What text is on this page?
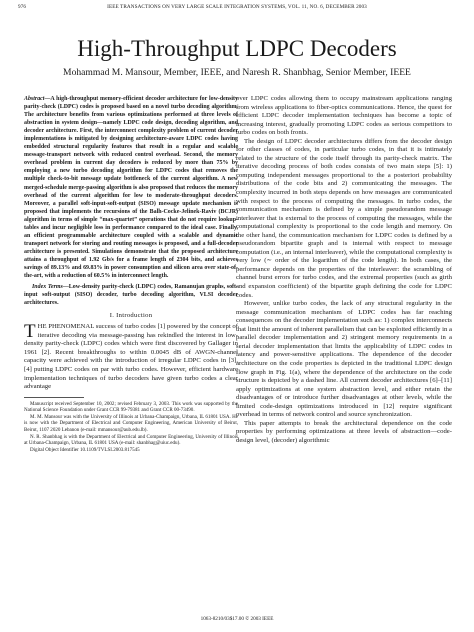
976	IEEE TRANSACTIONS ON VERY LARGE SCALE INTEGRATION SYSTEMS, VOL. 11, NO. 6, DECEMBER 2003
High-Throughput LDPC Decoders
Mohammad M. Mansour, Member, IEEE, and Naresh R. Shanbhag, Senior Member, IEEE

Abstract—A high-throughput memory-efficient decoder architecture for low-density parity-check (LDPC) codes is proposed based on a novel turbo decoding algorithm. The architecture benefits from various optimizations performed at three levels of abstraction in system design—namely LDPC code design, decoding algorithm, and decoder architecture. First, the interconnect complexity problem of current decoder implementations is mitigated by designing architecture-aware LDPC codes having embedded structural regularity features that result in a regular and scalable message-transport network with reduced control overhead. Second, the memory overhead problem in current day decoders is reduced by more than 75% by employing a new turbo decoding algorithm for LDPC codes that removes the multiple check-to-bit message update bottleneck of the current algorithm. A new merged-schedule merge-passing algorithm is also proposed that reduces the memory overhead of the current algorithm for low to moderate-throughput decoders. Moreover, a parallel soft-input-soft-output (SISO) message update mechanism is proposed that implements the recursions of the Balh-Cocke-Jelinek-Raviv (BCJR) algorithm in terms of simple “max-quartet” operations that do not require lookup-tables and incur negligible loss in performance compared to the ideal case. Finally, an efficient programmable architecture coupled with a scalable and dynamic transport network for storing and routing messages is proposed, and a full-decoder architecture is presented. Simulations demonstrate that the proposed architecture attains a throughput of 1.92 Gb/s for a frame length of 2304 bits, and achieves savings of 89.13% and 69.83% in power consumption and silicon area over state-of-the-art, with a reduction of 60.5% in interconnect length.

Index Terms—Low-density parity-check (LDPC) codes, Ramanujan graphs, soft-input soft-output (SISO) decoder, turbo decoding algorithm, VLSI decoder architectures.

I. Introduction

THE PHENOMENAL success of turbo codes [1] powered by the concept of iterative decoding via message-passing has rekindled the interest in low-density parity-check (LDPC) codes which were first discovered by Gallager in 1961 [2]. Recent breakthroughs to within 0.0045 dB of AWGN-channel capacity were achieved with the introduction of irregular LDPC codes in [3], [4] putting LDPC codes on par with turbo codes. However, efficient hardware implementation techniques of turbo decoders have given turbo codes a clear advantage

Manuscript received September 10, 2002; revised February 3, 2003. This work was supported by the National Science Foundation under Grant CCR 99-79381 and Grant CCR 00-73490.

M. M. Mansour was with the University of Illinois at Urbana-Champaign, Urbana, IL 61801 USA. He is now with the Department of Electrical and Computer Engineering, American University of Beirut, Beirut, 1107 2020 Lebanon (e-mail: mmansour@aub.edu.lb).

N. R. Shanbhag is with the Department of Electrical and Computer Engineering, University of Illinois at Urbana-Champaign, Urbana, IL 61801 USA (e-mail: shanbhag@uiuc.edu).

Digital Object Identifier 10.1109/TVLSI.2003.817545

over LDPC codes allowing them to occupy mainstream applications ranging from wireless applications to fiber-optics communications. Hence, the quest for efficient LDPC decoder implementation techniques has become a topic of increasing interest, gradually promoting LDPC codes as serious competitors to turbo codes on both fronts.

The design of LDPC decoder architectures differs from the decoder design for other classes of codes, in particular turbo codes, in that it is intimately related to the structure of the code itself through its parity-check matrix. The iterative decoding process of both codes consists of two main steps [5]: 1) computing independent messages proportional to the a posteriori probability distributions of the code bits and 2) communicating the messages. The complexity incurred in both steps depends on how messages are communicated with respect to the process of computing the messages. In turbo codes, the communication mechanism is defined by a simple pseudorandom message interleaver that is external to the process of computing the messages, while the computational complexity is proportional to the code length and memory. On the other hand, the communication mechanism for LDPC codes is defined by a pseudorandom bipartite graph and is internal with respect to message computation (i.e., an internal interleaver), while the computational complexity is very low (∼ order of the logarithm of the code length). In both cases, the performance depends on the properties of the interleaver: the scrambling of channel burst errors for turbo codes, and the extremal properties (such as girth and expansion coefficient) of the bipartite graph defining the code for LDPC codes.

However, unlike turbo codes, the lack of any structural regularity in the message communication mechanism of LDPC codes has far reaching consequences on the decoder implementation such as: 1) complex interconnects that limit the amount of inherent parallelism that can be exploited efficiently in a parallel decoder implementation and 2) stringent memory requirements in a serial decoder implementation that limits the applicability of LDPC codes in latency and power-sensitive applications. The dependence of the decoder architecture on the code properties is depicted in the traditional LDPC design flow graph in Fig. 1(a), where the dependence of the architecture on the code structure is depicted by a dashed line. All current decoder architectures [6]–[11] apply optimizations at one system abstraction level, and either retain the disadvantages of or introduce further disadvantages at other levels, while the limited code-design optimizations introduced in [12] require significant overhead in terms of network control and source synchronization.

This paper attempts to break the architectural dependence on the code properties by performing optimizations at three levels of abstraction—code-design level, (decoder) algorithmic

1063-8210/03$17.00 © 2003 IEEE
